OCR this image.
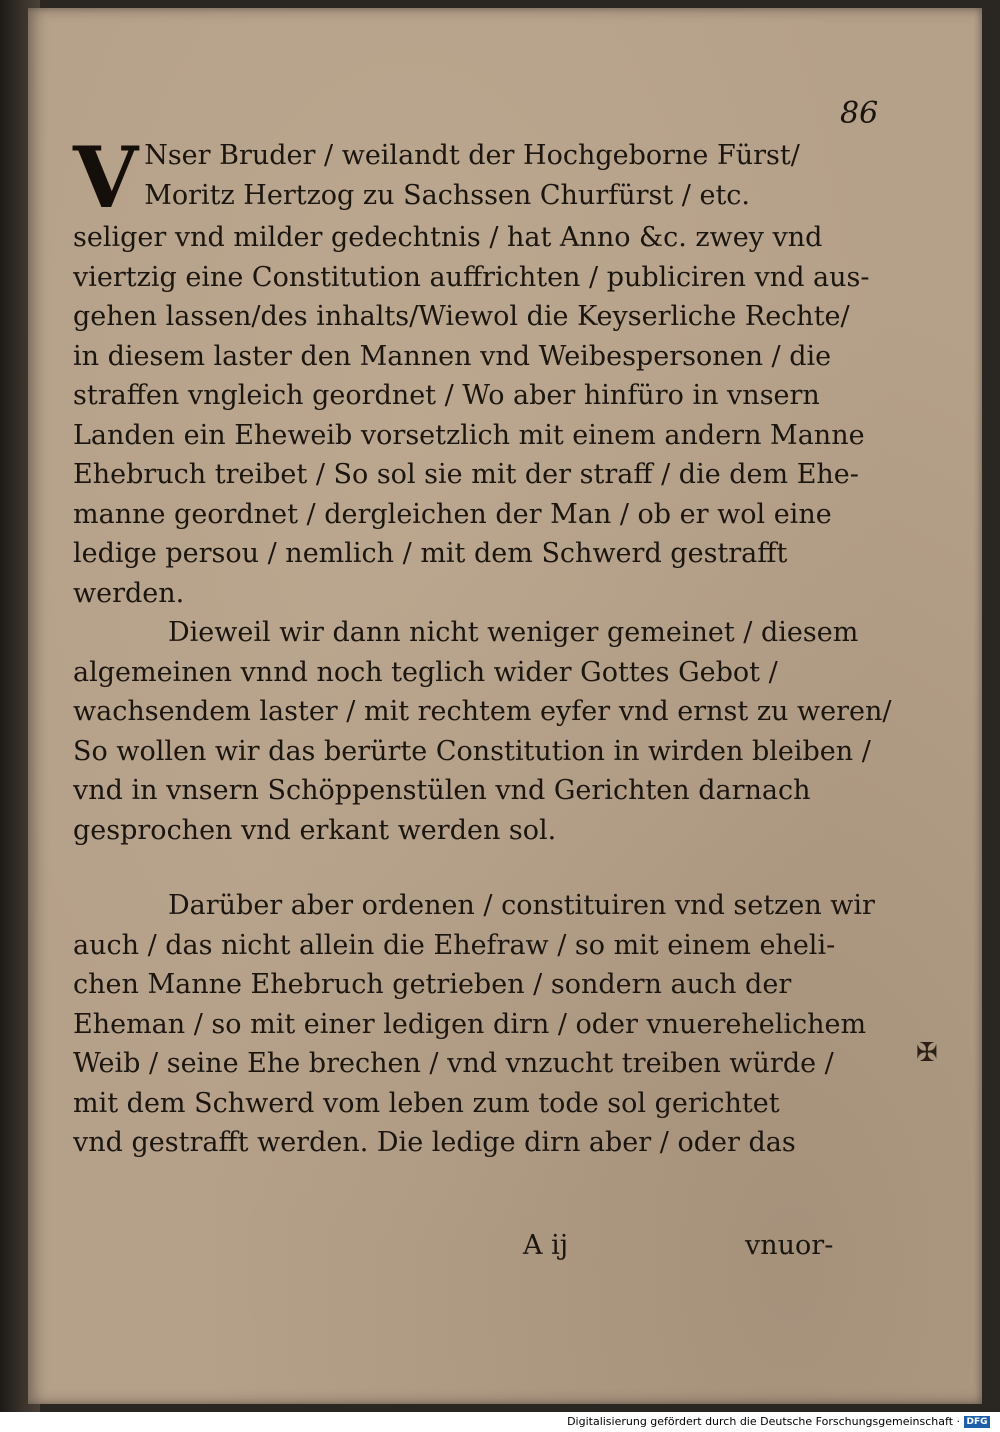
86

V Nser Bruder / weilandt der Hochgeborne Fürst/

Moritz Hertzog zu Sachssen Churfürst / etc.

seliger vnd milder gedechtnis / hat Anno &c. zwey vnd

viertzig eine Constitution auffrichten / publiciren vnd aus-

gehen lassen/des inhalts/Wiewol die Keyserliche Rechte/

in diesem laster den Mannen vnd Weibespersonen / die

straffen vngleich geordnet / Wo aber hinfüro in vnsern

Landen ein Eheweib vorsetzlich mit einem andern Manne

Ehebruch treibet / So sol sie mit der straff / die dem Ehe-

manne geordnet / dergleichen der Man / ob er wol eine

ledige persou / nemlich / mit dem Schwerd gestrafft

werden.

Dieweil wir dann nicht weniger gemeinet / diesem

algemeinen vnnd noch teglich wider Gottes Gebot /

wachsendem laster / mit rechtem eyfer vnd ernst zu weren/

So wollen wir das berürte Constitution in wirden bleiben /

vnd in vnsern Schöppenstülen vnd Gerichten darnach

gesprochen vnd erkant werden sol.

Darüber aber ordenen / constituiren vnd setzen wir

auch / das nicht allein die Ehefraw / so mit einem eheli-

chen Manne Ehebruch getrieben / sondern auch der

Eheman / so mit einer ledigen dirn / oder vnuerehelichem

Weib / seine Ehe brechen / vnd vnzucht treiben würde /

mit dem Schwerd vom leben zum tode sol gerichtet

vnd gestrafft werden. Die ledige dirn aber / oder das

✠
A ij	vnuor-
Digitalisierung gefördert durch die Deutsche Forschungsgemeinschaft · DFG
